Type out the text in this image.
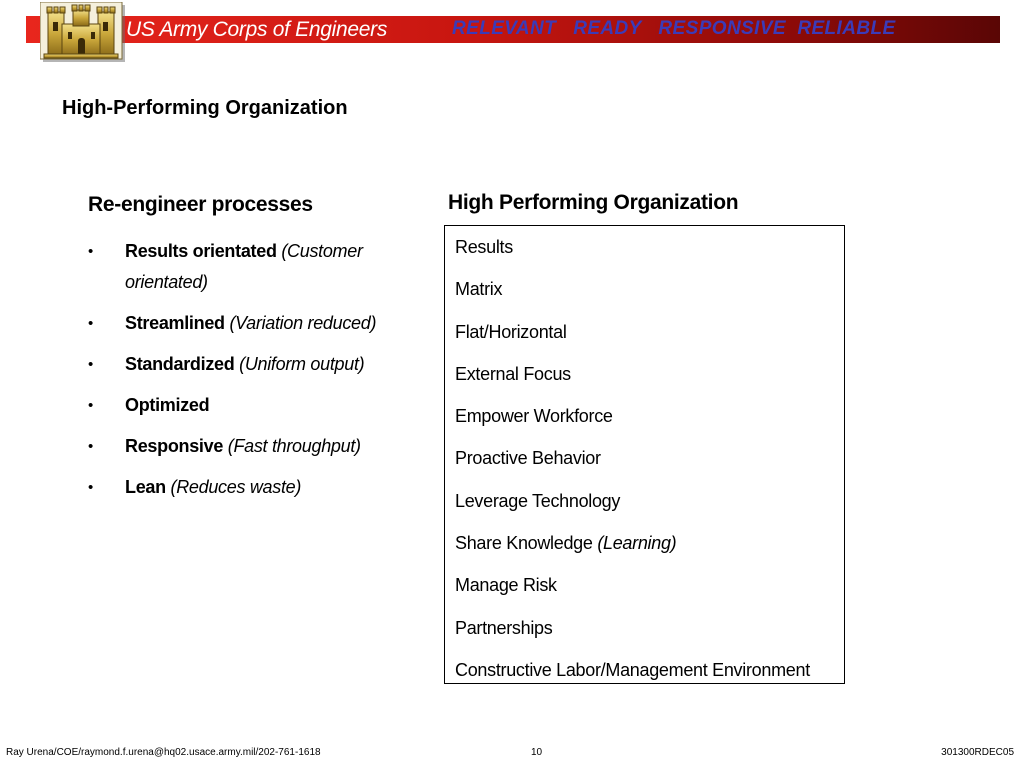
US Army Corps of Engineers	RELEVANT   READY   RESPONSIVE  RELIABLE
High-Performing Organization
Re-engineer processes
• Results orientated (Customer orientated)
• Streamlined (Variation reduced)
• Standardized (Uniform output)
• Optimized
• Responsive (Fast throughput)
• Lean (Reduces waste)
High Performing Organization
Results
Matrix
Flat/Horizontal
External Focus
Empower Workforce
Proactive Behavior
Leverage Technology
Share Knowledge (Learning)
Manage Risk
Partnerships
Constructive Labor/Management Environment
Ray Urena/COE/raymond.f.urena@hq02.usace.army.mil/202-761-1618	10	301300RDEC05
